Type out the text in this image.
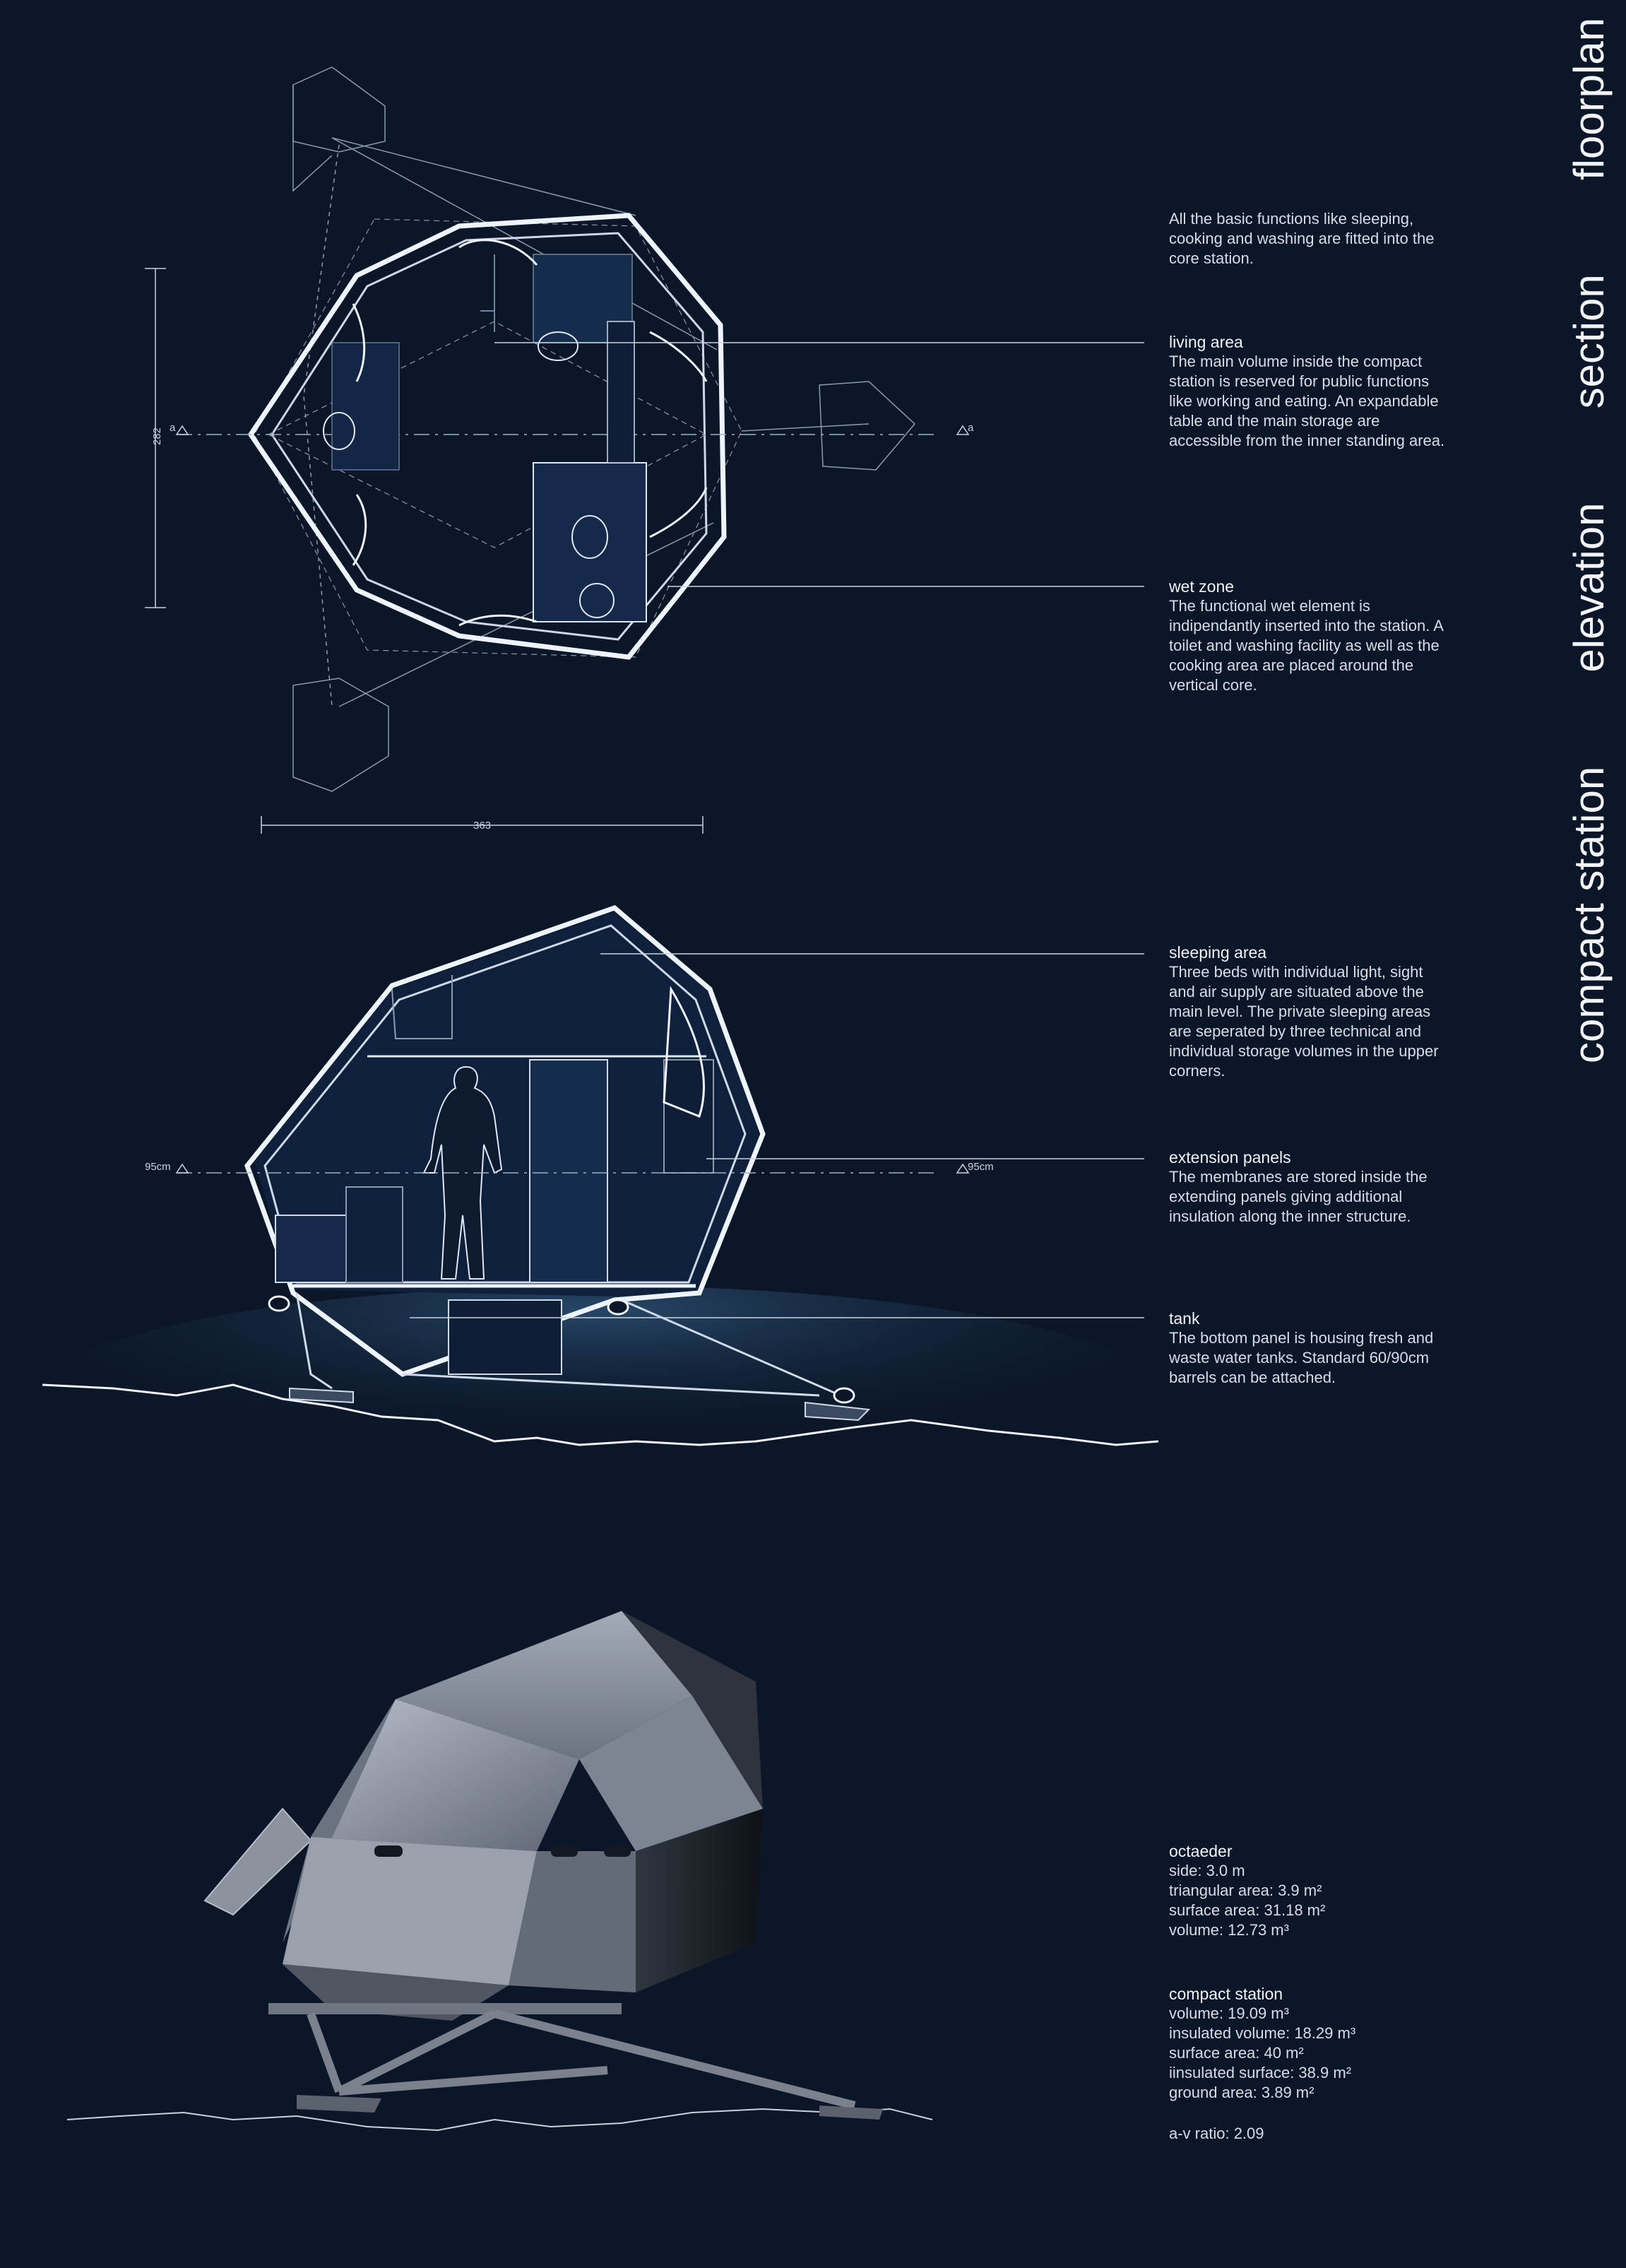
282
363
a	a
95cm	95cm

All the basic functions like sleeping, cooking and washing are fitted into the core station.

living area

The main volume inside the compact station is reserved for public functions like working and eating. An expandable table and the main storage are accessible from the inner standing area.

wet zone

The functional wet element is indipendantly inserted into the station. A toilet and washing facility as well as the cooking area are placed around the vertical core.

sleeping area

Three beds with individual light, sight and air supply are situated above the main level. The private sleeping areas are seperated by three technical and individual storage volumes in the upper corners.

extension panels

The membranes are stored inside the extending panels giving additional insulation along the inner structure.

tank

The bottom panel is housing fresh and waste water tanks. Standard 60/90cm barrels can be attached.

octaeder

side: 3.0 m

triangular area: 3.9 m²

surface area: 31.18 m²

volume: 12.73 m³

compact station

volume: 19.09 m³

insulated volume: 18.29 m³

surface area: 40 m²

iinsulated surface: 38.9 m²

ground area: 3.89 m²

a-v ratio: 2.09

compact station
elevation
section
floorplan
